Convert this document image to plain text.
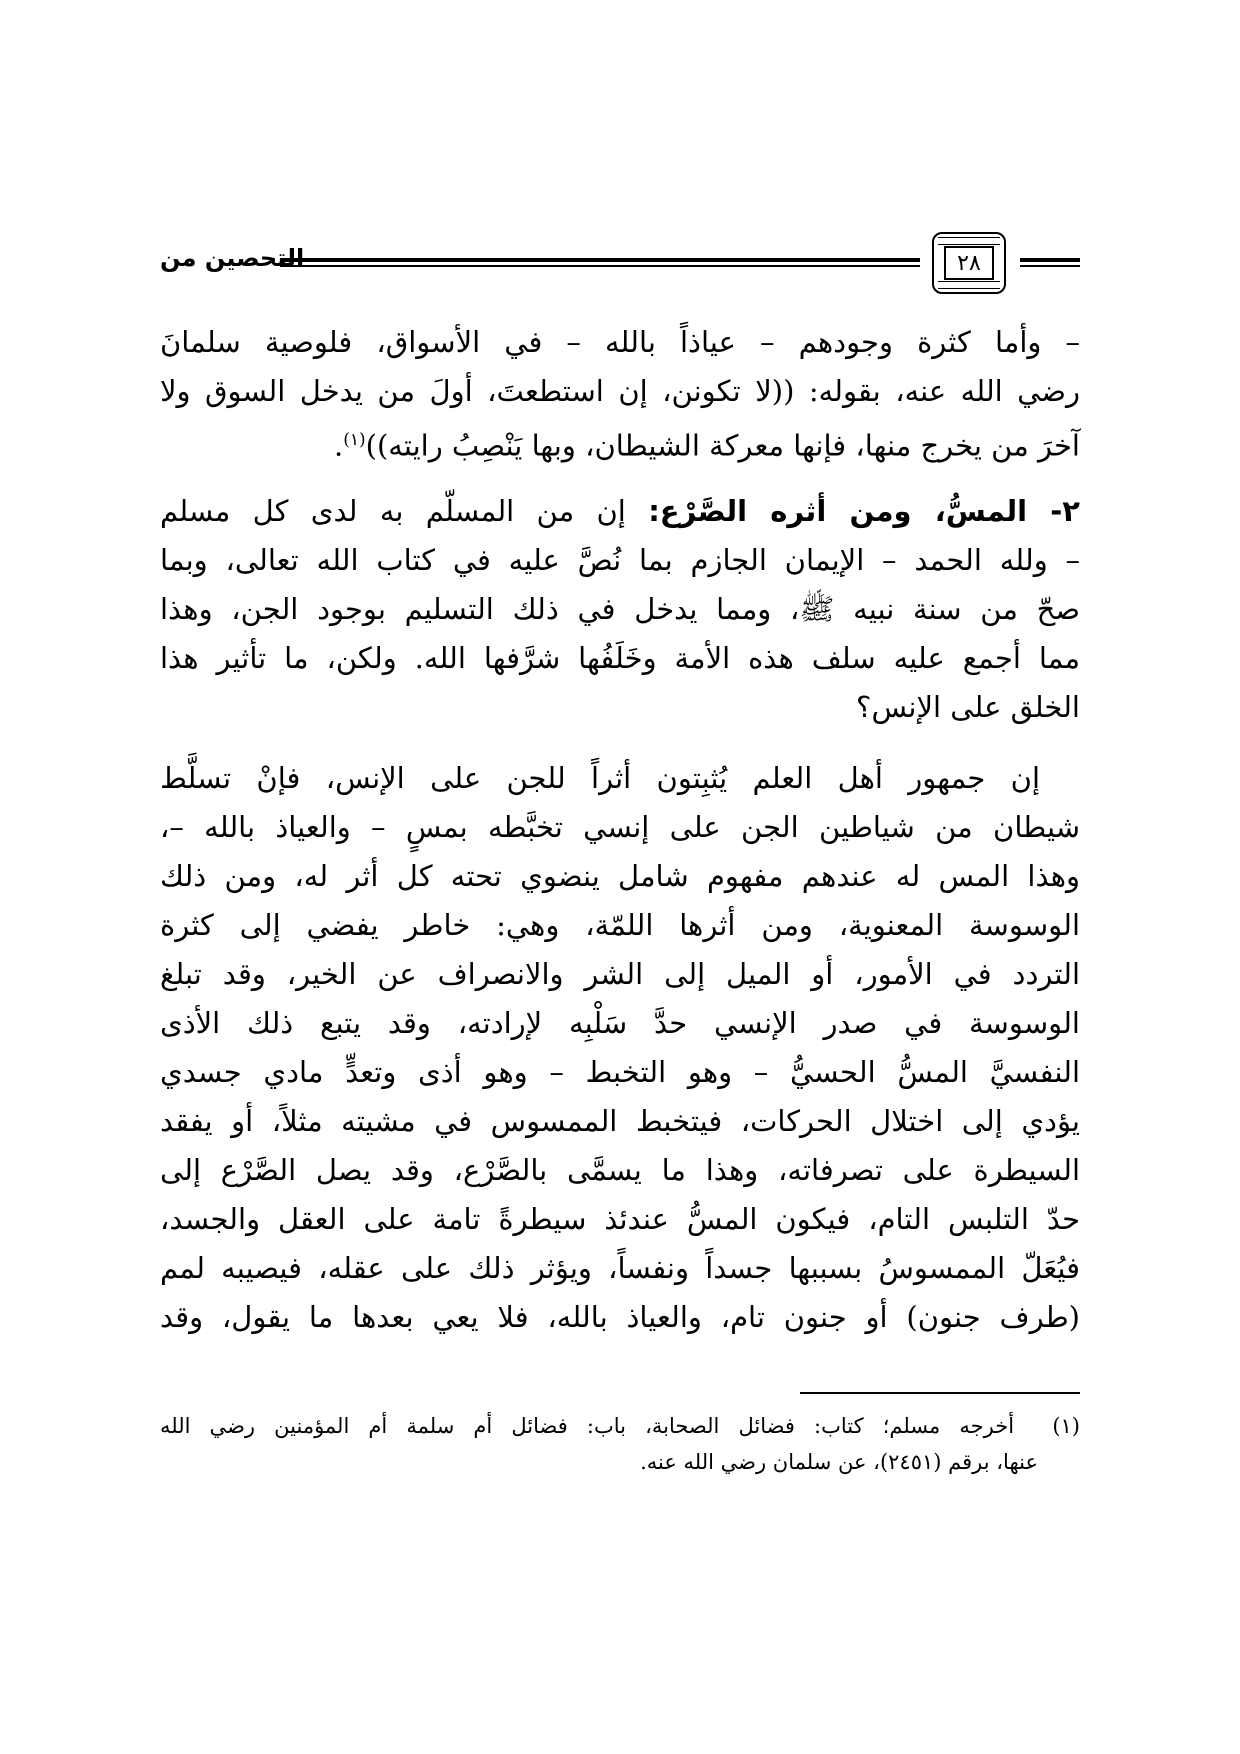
التحصين من	٢٨
– وأما كثرة وجودهم – عياذاً بالله – في الأسواق، فلوصية سلمانَ
رضي الله عنه، بقوله: ((لا تكونن، إن استطعتَ، أولَ من يدخل السوق ولا
آخرَ من يخرج منها، فإنها معركة الشيطان، وبها يَنْصِبُ رايته))$^{(١)}$.
٢- المسُّ، ومن أثره الصَّرْع: إن من المسلّم به لدى كل مسلم
– ولله الحمد – الإيمان الجازم بما نُصَّ عليه في كتاب الله تعالى، وبما
صحّ من سنة نبيه ﷺ، ومما يدخل في ذلك التسليم بوجود الجن، وهذا
مما أجمع عليه سلف هذه الأمة وخَلَفُها شرَّفها الله. ولكن، ما تأثير هذا
الخلق على الإنس؟
إن جمهور أهل العلم يُثبِتون أثراً للجن على الإنس، فإنْ تسلَّط
شيطان من شياطين الجن على إنسي تخبَّطه بمسٍ – والعياذ بالله –،
وهذا المس له عندهم مفهوم شامل ينضوي تحته كل أثر له، ومن ذلك
الوسوسة المعنوية، ومن أثرها اللمّة، وهي: خاطر يفضي إلى كثرة
التردد في الأمور، أو الميل إلى الشر والانصراف عن الخير، وقد تبلغ
الوسوسة في صدر الإنسي حدَّ سَلْبِه لإرادته، وقد يتبع ذلك الأذى
النفسيَّ المسُّ الحسيُّ – وهو التخبط – وهو أذى وتعدٍّ مادي جسدي
يؤدي إلى اختلال الحركات، فيتخبط الممسوس في مشيته مثلاً، أو يفقد
السيطرة على تصرفاته، وهذا ما يسمَّى بالصَّرْع، وقد يصل الصَّرْع إلى
حدّ التلبس التام، فيكون المسُّ عندئذ سيطرةً تامة على العقل والجسد،
فيُعَلّ الممسوسُ بسببها جسداً ونفساً، ويؤثر ذلك على عقله، فيصيبه لمم
(طرف جنون) أو جنون تام، والعياذ بالله، فلا يعي بعدها ما يقول، وقد
(١)  أخرجه مسلم؛ كتاب: فضائل الصحابة، باب: فضائل أم سلمة أم المؤمنين رضي الله
عنها، برقم (٢٤٥١)، عن سلمان رضي الله عنه.
